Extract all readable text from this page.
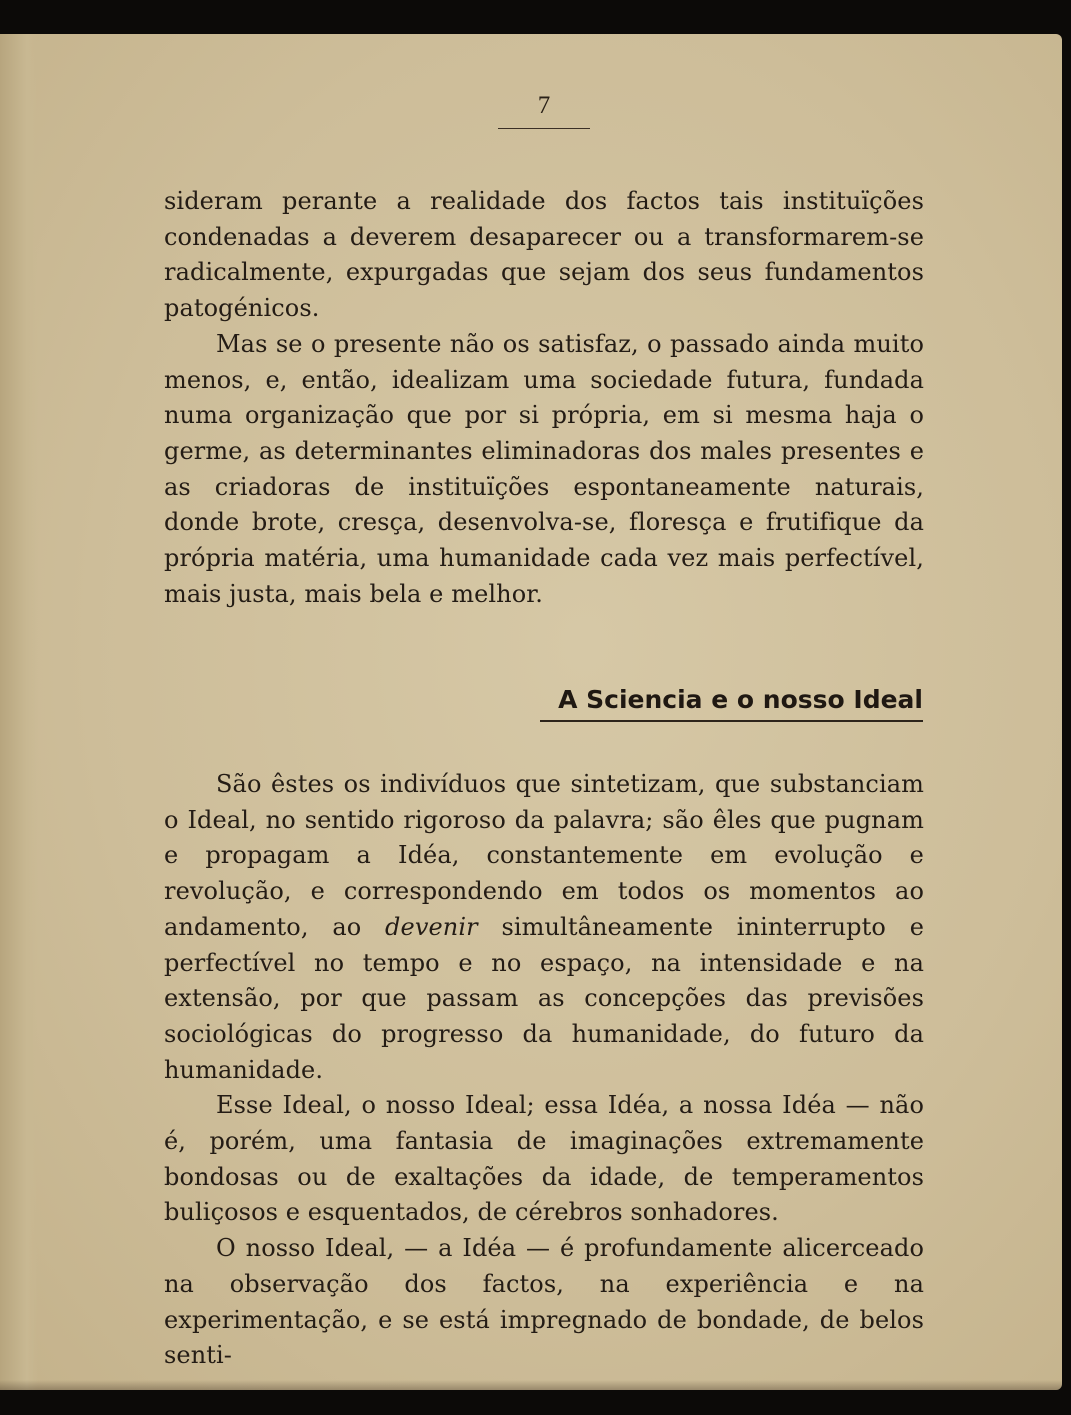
7

sideram perante a realidade dos factos tais instituïções condenadas a deverem desaparecer ou a transformarem-se radicalmente, expurgadas que sejam dos seus fundamentos patogénicos.

Mas se o presente não os satisfaz, o passado ainda muito menos, e, então, idealizam uma sociedade futura, fundada numa organização que por si própria, em si mesma haja o germe, as determinantes eliminadoras dos males presentes e as criadoras de instituïções espontaneamente naturais, donde brote, cresça, desenvolva-se, floresça e frutifique da própria matéria, uma humanidade cada vez mais perfectível, mais justa, mais bela e melhor.

A Sciencia e o nosso Ideal

São êstes os indivíduos que sintetizam, que substanciam o Ideal, no sentido rigoroso da palavra; são êles que pugnam e propagam a Idéa, constantemente em evolução e revolução, e correspondendo em todos os momentos ao andamento, ao devenir simultâneamente ininterrupto e perfectível no tempo e no espaço, na intensidade e na extensão, por que passam as concepções das previsões sociológicas do progresso da humanidade, do futuro da humanidade.

Esse Ideal, o nosso Ideal; essa Idéa, a nossa Idéa — não é, porém, uma fantasia de imaginações extremamente bondosas ou de exaltações da idade, de temperamentos buliçosos e esquentados, de cérebros sonhadores.

O nosso Ideal, — a Idéa — é profundamente alicerceado na observação dos factos, na experiência e na experimentação, e se está impregnado de bondade, de belos senti-
